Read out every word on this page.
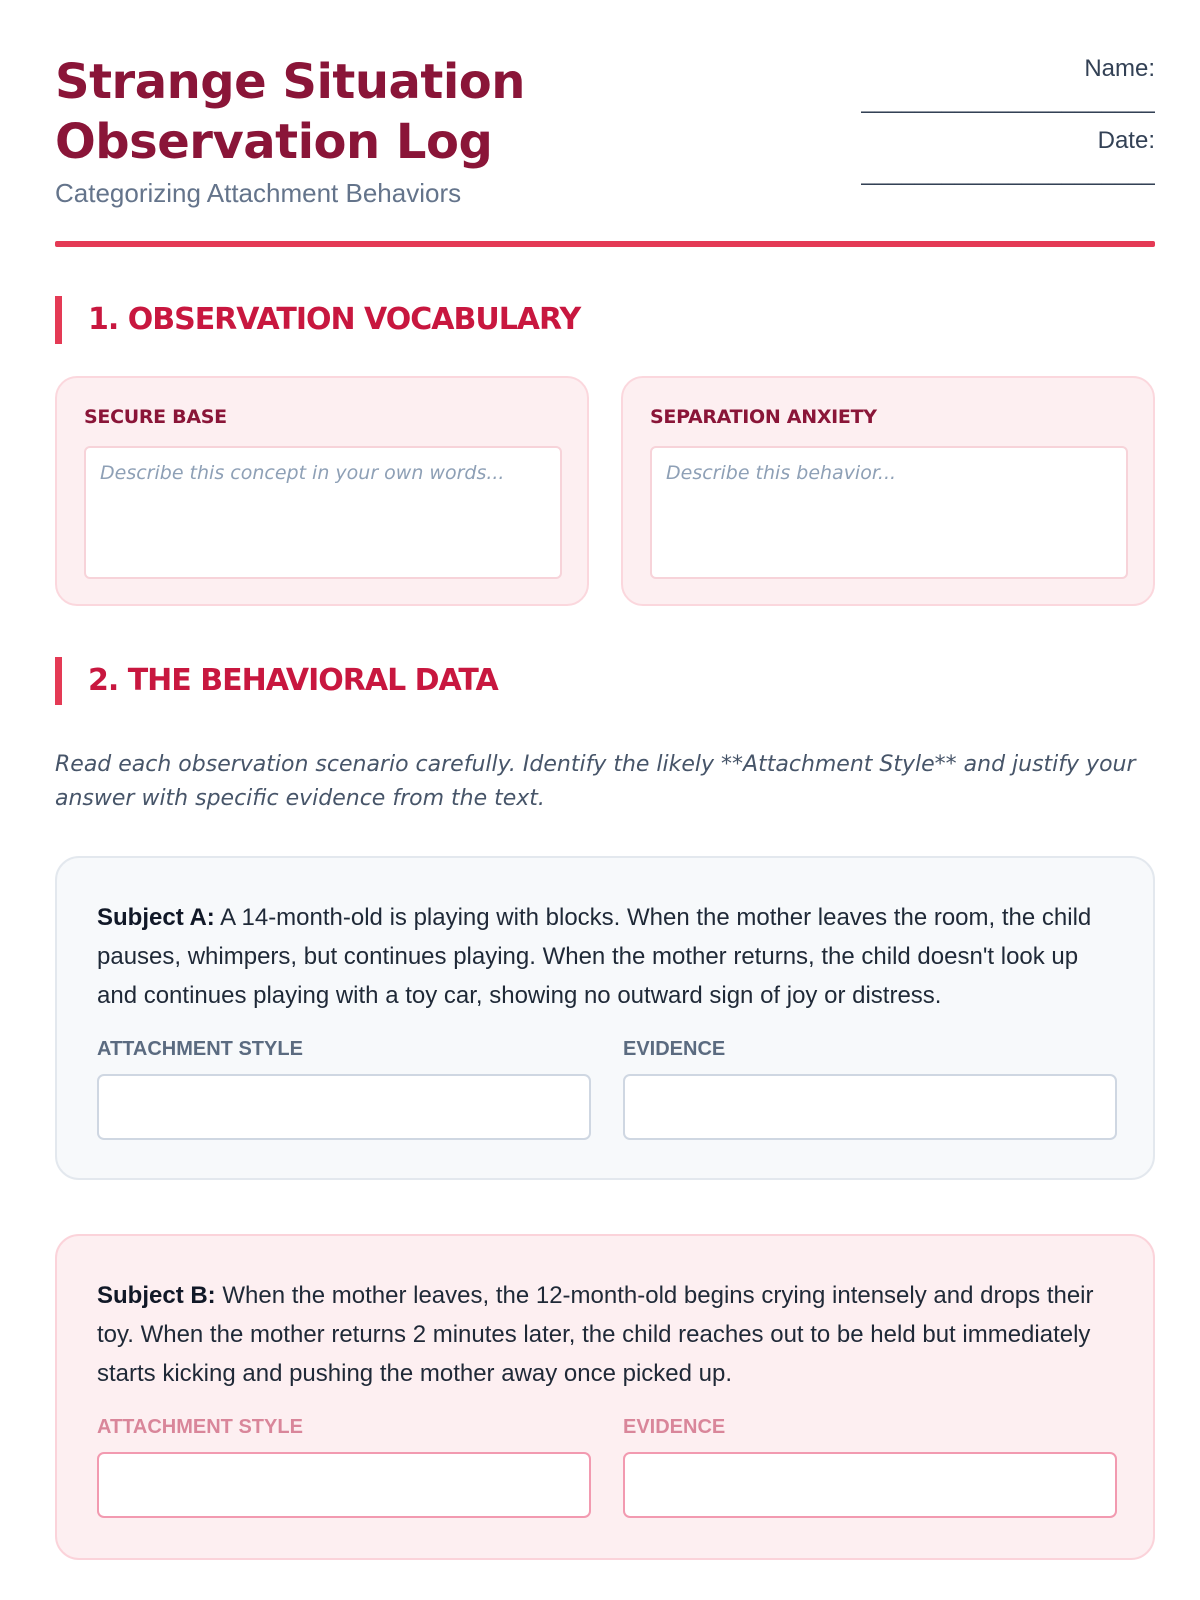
Strange Situation Observation Log
Categorizing Attachment Behaviors
Name:
______________________
Date:
______________________
1. OBSERVATION VOCABULARY
SECURE BASE
Describe this concept in your own words...	SEPARATION ANXIETY
Describe this behavior...
2. THE BEHAVIORAL DATA
Read each observation scenario carefully. Identify the likely **Attachment Style** and justify your answer with specific evidence from the text.
Subject A: A 14-month-old is playing with blocks. When the mother leaves the room, the child pauses, whimpers, but continues playing. When the mother returns, the child doesn't look up and continues playing with a toy car, showing no outward sign of joy or distress.
ATTACHMENT STYLE	EVIDENCE
Subject B: When the mother leaves, the 12-month-old begins crying intensely and drops their toy. When the mother returns 2 minutes later, the child reaches out to be held but immediately starts kicking and pushing the mother away once picked up.
ATTACHMENT STYLE	EVIDENCE
